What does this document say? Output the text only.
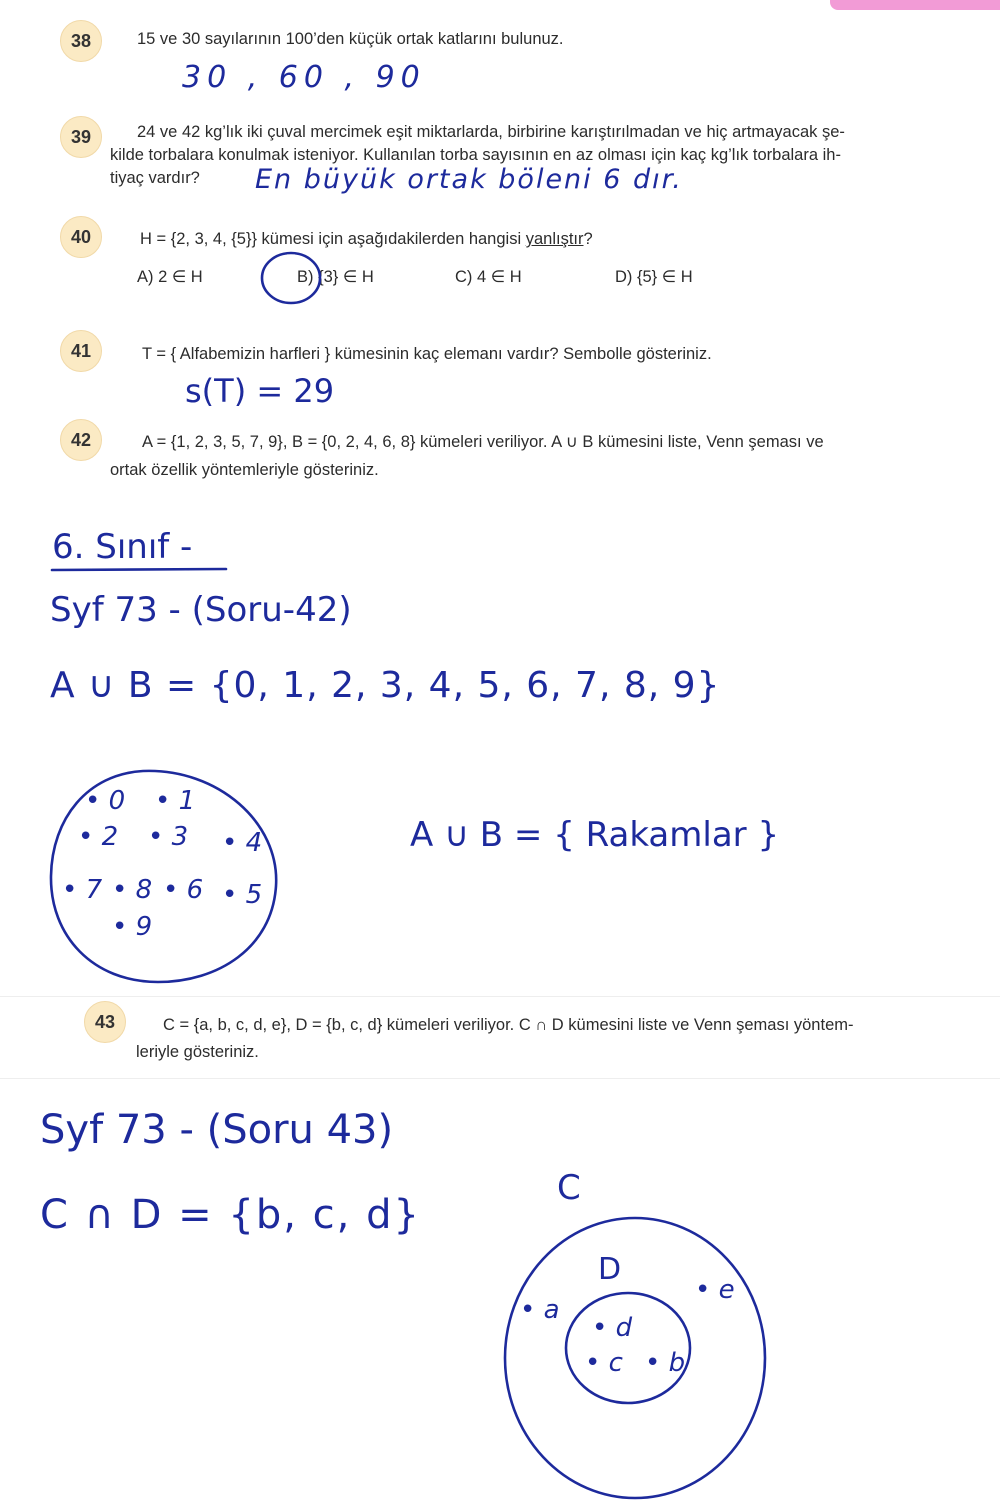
38	15 ve 30 sayılarının 100’den küçük ortak katlarını bulunuz.
30 , 60 , 90
39	24 ve 42 kg’lık iki çuval mercimek eşit miktarlarda, birbirine karıştırılmadan ve hiç artmayacak şe-
kilde torbalara konulmak isteniyor. Kullanılan torba sayısının en az olması için kaç kg’lık torbalara ih-
tiyaç vardır? En büyük ortak böleni 6 dır.
40	H = {2, 3, 4, {5}} kümesi için aşağıdakilerden hangisi yanlıştır?
A) 2 ∈ H	B) {3} ∈ H	C) 4 ∈ H	D) {5} ∈ H
41	T = { Alfabemizin harfleri } kümesinin kaç elemanı vardır? Sembolle gösteriniz.
s(T) = 29
42	A = {1, 2, 3, 5, 7, 9}, B = {0, 2, 4, 6, 8} kümeleri veriliyor. A ∪ B kümesini liste, Venn şeması ve
ortak özellik yöntemleriyle gösteriniz.
6. Sınıf -
Syf 73 - (Soru-42)
A ∪ B = {0, 1, 2, 3, 4, 5, 6, 7, 8, 9}
• 0 • 1
• 2 • 3 • 4
• 7 • 8 • 6 • 5
• 9
A ∪ B = { Rakamlar }
43	C = {a, b, c, d, e}, D = {b, c, d} kümeleri veriliyor. C ∩ D kümesini liste ve Venn şeması yöntem-
leriyle gösteriniz.
Syf 73 - (Soru 43)
C ∩ D = {b, c, d}
C
D
• a
• e
• d
• c • b
